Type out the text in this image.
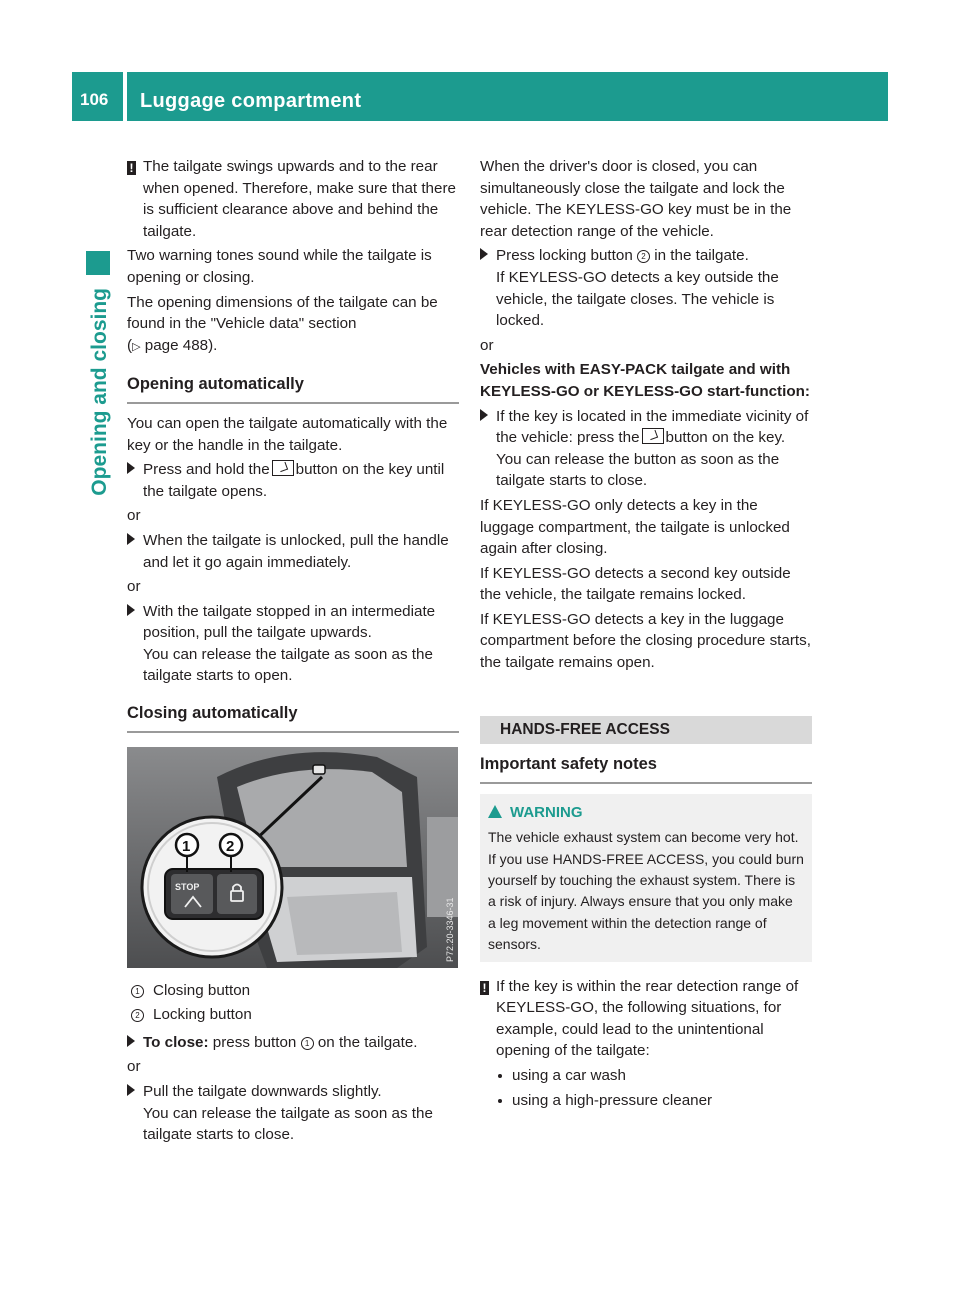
106 Luggage compartment
Opening and closing

! The tailgate swings upwards and to the rear when opened. Therefore, make sure that there is sufficient clearance above and behind the tailgate.

Two warning tones sound while the tailgate is opening or closing.

The opening dimensions of the tailgate can be found in the "Vehicle data" section
(▷ page 488).

Opening automatically

You can open the tailgate automatically with the key or the handle in the tailgate.

Press and hold the button on the key until the tailgate opens.

or

When the tailgate is unlocked, pull the handle and let it go again immediately.

or

With the tailgate stopped in an intermediate position, pull the tailgate upwards.
You can release the tailgate as soon as the tailgate starts to open.

Closing automatically
STOP
1 2
P72.20-3346-31

1 Closing button

2 Locking button

To close: press button 1 on the tailgate.

or

Pull the tailgate downwards slightly.
You can release the tailgate as soon as the tailgate starts to close.

When the driver's door is closed, you can simultaneously close the tailgate and lock the vehicle. The KEYLESS-GO key must be in the rear detection range of the vehicle.

Press locking button 2 in the tailgate.
If KEYLESS-GO detects a key outside the vehicle, the tailgate closes. The vehicle is locked.

or

Vehicles with EASY-PACK tailgate and with KEYLESS-GO or KEYLESS-GO start-function:

If the key is located in the immediate vicinity of the vehicle: press the button on the key.
You can release the button as soon as the tailgate starts to close.

If KEYLESS-GO only detects a key in the luggage compartment, the tailgate is unlocked again after closing.

If KEYLESS-GO detects a second key outside the vehicle, the tailgate remains locked.

If KEYLESS-GO detects a key in the luggage compartment before the closing procedure starts, the tailgate remains open.

HANDS-FREE ACCESS
Important safety notes
WARNING
The vehicle exhaust system can become very hot. If you use HANDS-FREE ACCESS, you could burn yourself by touching the exhaust system. There is a risk of injury. Always ensure that you only make a leg movement within the detection range of sensors.

! If the key is within the rear detection range of KEYLESS-GO, the following situations, for example, could lead to the unintentional opening of the tailgate:

using a car wash

using a high-pressure cleaner
